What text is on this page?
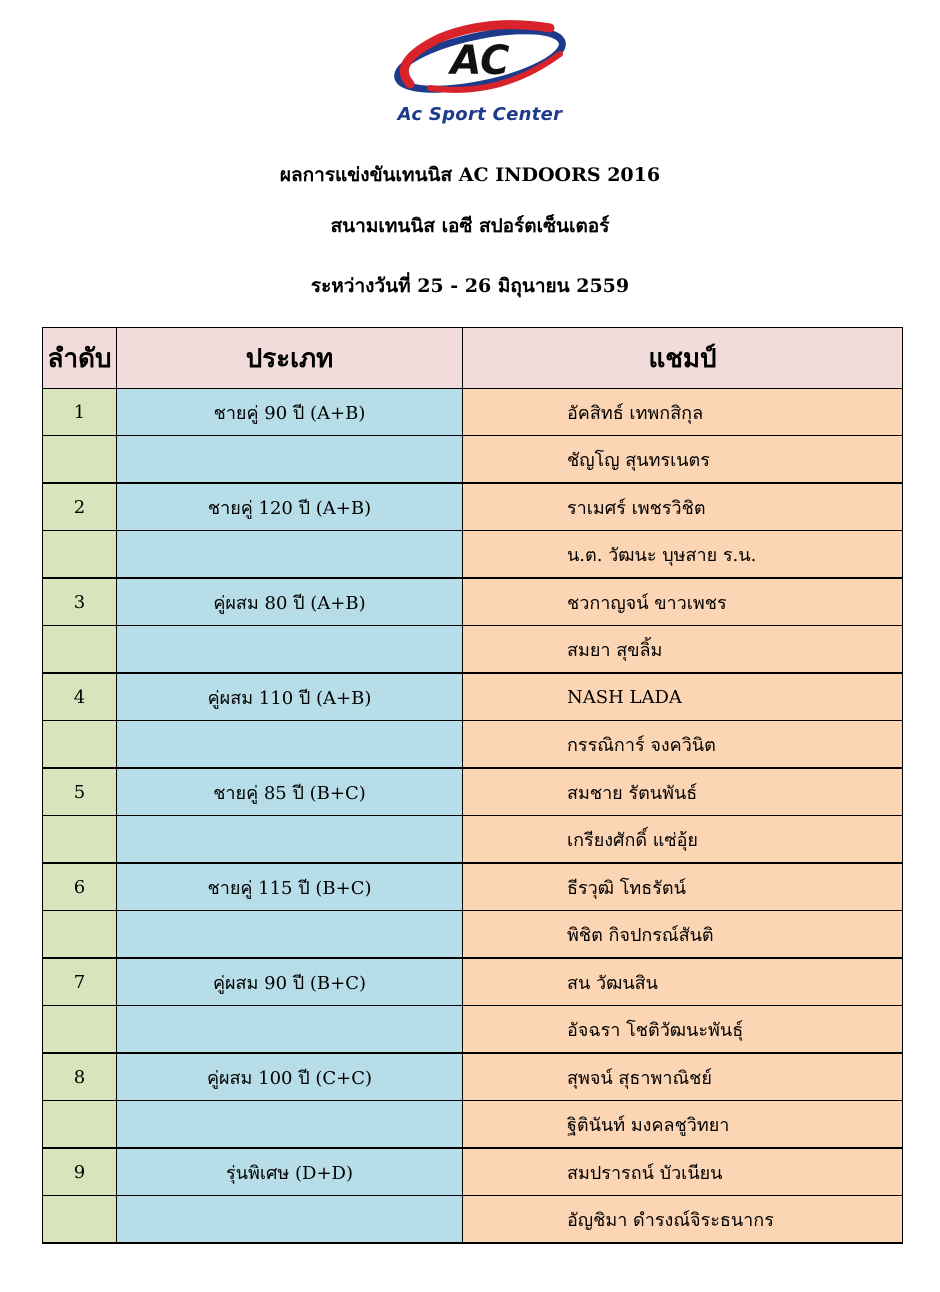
AC
Ac Sport Center
ผลการแข่งขันเทนนิส AC INDOORS 2016
สนามเทนนิส เอซี สปอร์ตเซ็นเตอร์
ระหว่างวันที่ 25 - 26 มิถุนายน 2559
ลำดับ	ประเภท	แชมป์
1	ชายคู่ 90 ปี (A+B)	อัคสิทธ์ เทพกสิกุล
		ชัญโญ สุนทรเนตร
2	ชายคู่ 120 ปี (A+B)	ราเมศร์ เพชรวิชิต
		น.ต. วัฒนะ บุษสาย ร.น.
3	คู่ผสม 80 ปี (A+B)	ชวกาญจน์ ขาวเพชร
		สมยา สุขลิ้ม
4	คู่ผสม 110 ปี (A+B)	NASH LADA
		กรรณิการ์ จงควินิต
5	ชายคู่ 85 ปี (B+C)	สมชาย รัตนพันธ์
		เกรียงศักดิ์ แซ่อุ้ย
6	ชายคู่ 115 ปี (B+C)	ธีรวุฒิ โทธรัตน์
		พิชิต กิจปกรณ์สันติ
7	คู่ผสม 90 ปี (B+C)	สน วัฒนสิน
		อัจฉรา โชติวัฒนะพันธุ์
8	คู่ผสม 100 ปี (C+C)	สุพจน์ สุธาพาณิชย์
		ฐิตินันท์ มงคลชูวิทยา
9	รุ่นพิเศษ (D+D)	สมปรารถน์ บัวเนียน
		อัญชิมา ดำรงณ์จิระธนากร
